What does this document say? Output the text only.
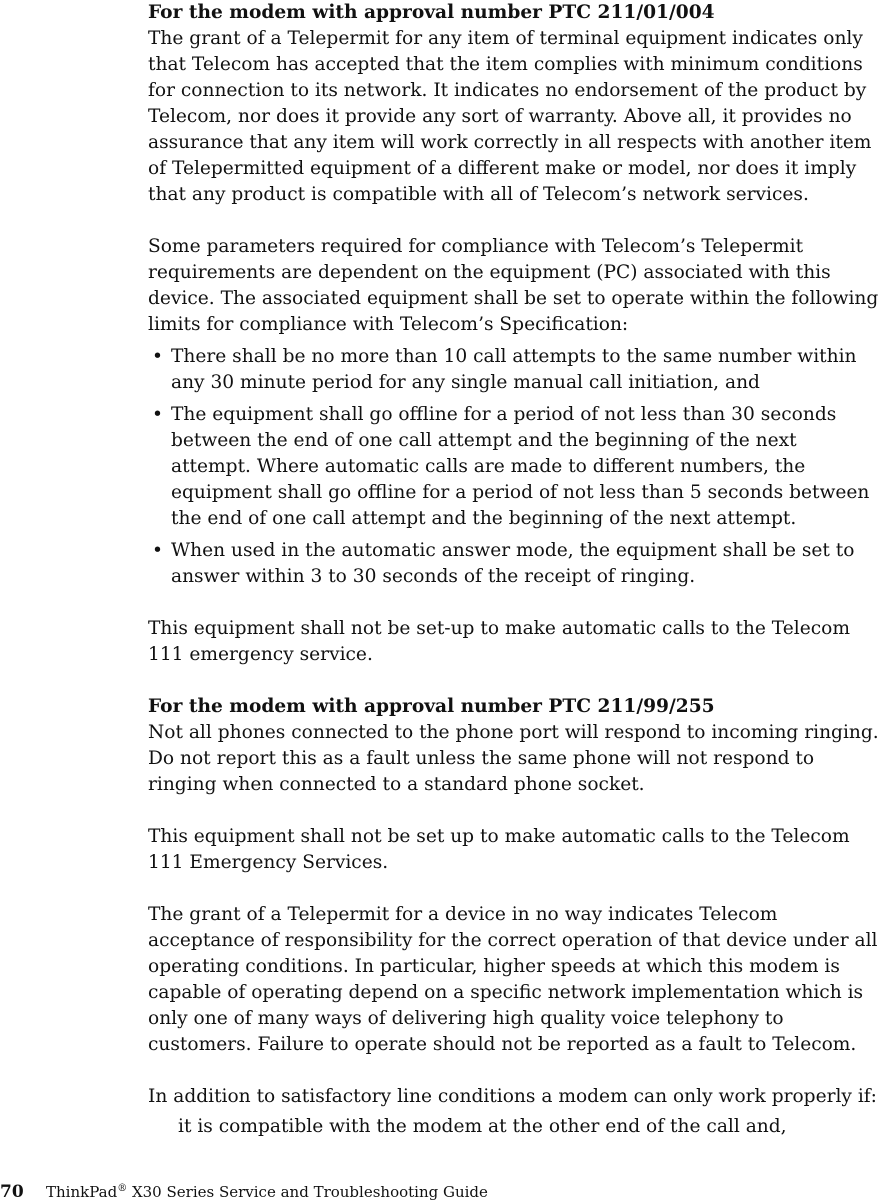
For the modem with approval number PTC 211/01/004

The grant of a Telepermit for any item of terminal equipment indicates only that Telecom has accepted that the item complies with minimum conditions for connection to its network. It indicates no endorsement of the product by Telecom, nor does it provide any sort of warranty. Above all, it provides no assurance that any item will work correctly in all respects with another item of Telepermitted equipment of a different make or model, nor does it imply that any product is compatible with all of Telecom’s network services.

Some parameters required for compliance with Telecom’s Telepermit requirements are dependent on the equipment (PC) associated with this device. The associated equipment shall be set to operate within the following limits for compliance with Telecom’s Specification:

• There shall be no more than 10 call attempts to the same number within any 30 minute period for any single manual call initiation, and
• The equipment shall go offline for a period of not less than 30 seconds between the end of one call attempt and the beginning of the next attempt. Where automatic calls are made to different numbers, the equipment shall go offline for a period of not less than 5 seconds between the end of one call attempt and the beginning of the next attempt.
• When used in the automatic answer mode, the equipment shall be set to answer within 3 to 30 seconds of the receipt of ringing.

This equipment shall not be set-up to make automatic calls to the Telecom 111 emergency service.

For the modem with approval number PTC 211/99/255

Not all phones connected to the phone port will respond to incoming ringing. Do not report this as a fault unless the same phone will not respond to ringing when connected to a standard phone socket.

This equipment shall not be set up to make automatic calls to the Telecom 111 Emergency Services.

The grant of a Telepermit for a device in no way indicates Telecom acceptance of responsibility for the correct operation of that device under all operating conditions. In particular, higher speeds at which this modem is capable of operating depend on a specific network implementation which is only one of many ways of delivering high quality voice telephony to customers. Failure to operate should not be reported as a fault to Telecom.

In addition to satisfactory line conditions a modem can only work properly if:

it is compatible with the modem at the other end of the call and,

70 ThinkPad® X30 Series Service and Troubleshooting Guide
